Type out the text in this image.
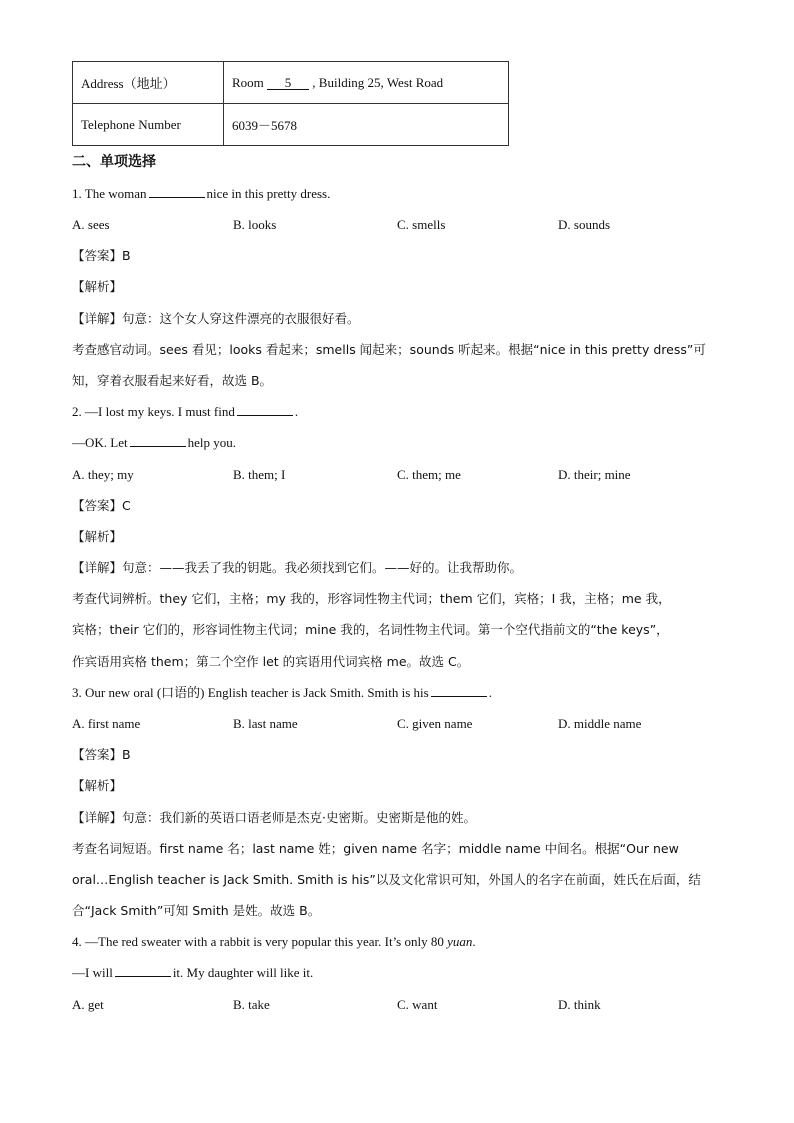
Address（地址）	Room 5 , Building 25, West Road
Telephone Number	6039－5678
二、单项选择
1. The woman	nice in this pretty dress.
A. sees	B. looks	C. smells	D. sounds
【答案】B
【解析】
【详解】句意：这个女人穿这件漂亮的衣服很好看。
考查感官动词。sees 看见；looks 看起来；smells 闻起来；sounds 听起来。根据“nice in this pretty dress”可
知，穿着衣服看起来好看，故选 B。
2. —I lost my keys. I must find	.
—OK. Let	help you.
A. they; my	B. them; I	C. them; me	D. their; mine
【答案】C
【解析】
【详解】句意：——我丢了我的钥匙。我必须找到它们。——好的。让我帮助你。
考查代词辨析。they 它们，主格；my 我的，形容词性物主代词；them 它们，宾格；I 我，主格；me 我，
宾格；their 它们的，形容词性物主代词；mine 我的，名词性物主代词。第一个空代指前文的“the keys”，
作宾语用宾格 them；第二个空作 let 的宾语用代词宾格 me。故选 C。
3. Our new oral (口语的) English teacher is Jack Smith. Smith is his	.
A. first name	B. last name	C. given name	D. middle name
【答案】B
【解析】
【详解】句意：我们新的英语口语老师是杰克·史密斯。史密斯是他的姓。
考查名词短语。first name 名；last name 姓；given name 名字；middle name 中间名。根据“Our new
oral…English teacher is Jack Smith. Smith is his”以及文化常识可知，外国人的名字在前面，姓氏在后面，结
合“Jack Smith”可知 Smith 是姓。故选 B。
4. —The red sweater with a rabbit is very popular this year. It’s only 80 yuan.
—I will	it. My daughter will like it.
A. get	B. take	C. want	D. think
